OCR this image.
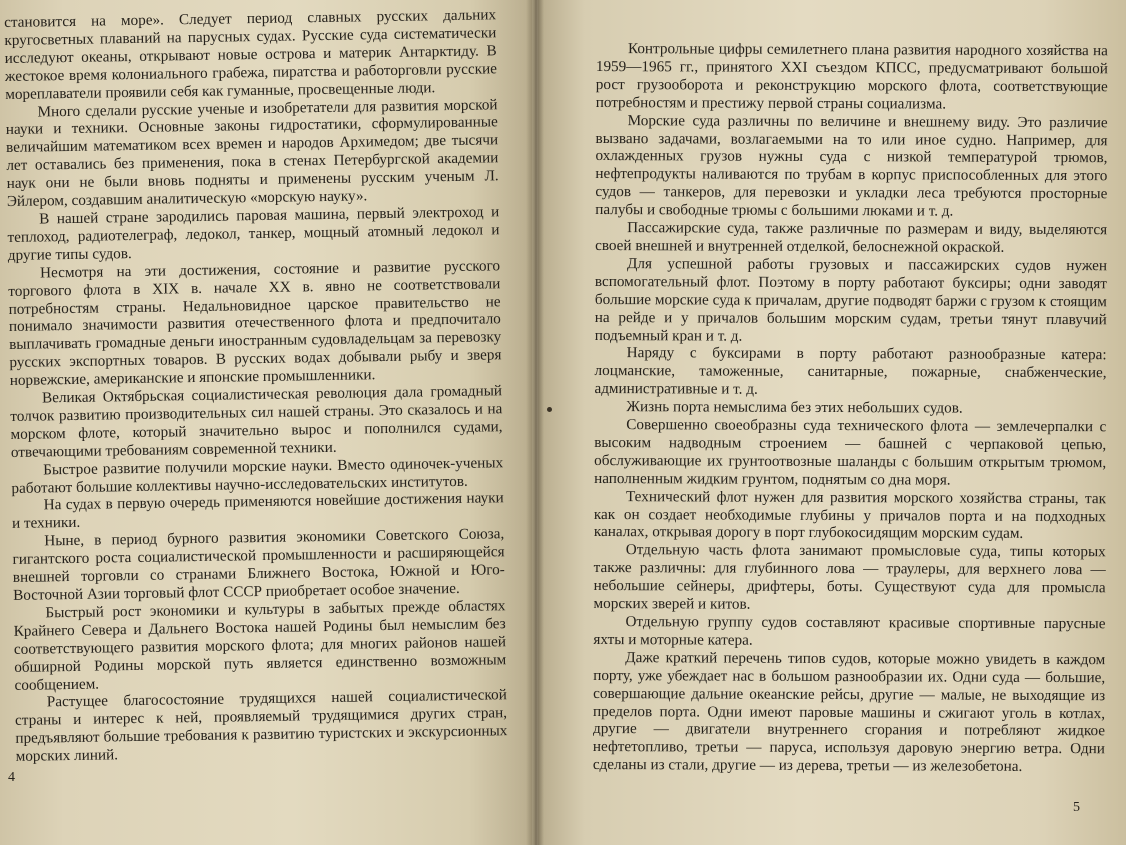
становится на море». Следует период славных русских дальних кругосветных плаваний на парусных судах. Русские суда систематически исследуют океаны, открывают новые острова и материк Антарктиду. В жестокое время колониального грабежа, пиратства и работорговли русские мореплаватели проявили себя как гуманные, просвещенные люди.

Много сделали русские ученые и изобретатели для развития морской науки и техники. Основные законы гидростатики, сформулированные величайшим математиком всех времен и народов Архимедом; две тысячи лет оставались без применения, пока в стенах Петербургской академии наук они не были вновь подняты и применены русским ученым Л. Эйлером, создавшим аналитическую «морскую науку».

В нашей стране зародились паровая машина, первый электроход и теплоход, радиотелеграф, ледокол, танкер, мощный атомный ледокол и другие типы судов.

Несмотря на эти достижения, состояние и развитие русского торгового флота в XIX в. начале XX в. явно не соответствовали потребностям страны. Недальновидное царское правительство не понимало значимости развития отечественного флота и предпочитало выплачивать громадные деньги иностранным судовладельцам за перевозку русских экспортных товаров. В русских водах добывали рыбу и зверя норвежские, американские и японские промышленники.

Великая Октябрьская социалистическая революция дала громадный толчок развитию производительных сил нашей страны. Это сказалось и на морском флоте, который значительно вырос и пополнился судами, отвечающими требованиям современной техники.

Быстрое развитие получили морские науки. Вместо одиночек-ученых работают большие коллективы научно-исследовательских институтов.

На судах в первую очередь применяются новейшие достижения науки и техники.

Ныне, в период бурного развития экономики Советского Союза, гигантского роста социалистической промышленности и расширяющейся внешней торговли со странами Ближнего Востока, Южной и Юго-Восточной Азии торговый флот СССР приобретает особое значение.

Быстрый рост экономики и культуры в забытых прежде областях Крайнего Севера и Дальнего Востока нашей Родины был немыслим без соответствующего развития морского флота; для многих районов нашей обширной Родины морской путь является единственно возможным сообщением.

Растущее благосостояние трудящихся нашей социалистической страны и интерес к ней, проявляемый трудящимися других стран, предъявляют большие требования к развитию туристских и экскурсионных морских линий.

4

Контрольные цифры семилетнего плана развития народного хозяйства на 1959—1965 гг., принятого XXI съездом КПСС, предусматривают большой рост грузооборота и реконструкцию морского флота, соответствующие потребностям и престижу первой страны социализма.

Морские суда различны по величине и внешнему виду. Это различие вызвано задачами, возлагаемыми на то или иное судно. Например, для охлажденных грузов нужны суда с низкой температурой трюмов, нефтепродукты наливаются по трубам в корпус приспособленных для этого судов — танкеров, для перевозки и укладки леса требуются просторные палубы и свободные трюмы с большими люками и т. д.

Пассажирские суда, также различные по размерам и виду, выделяются своей внешней и внутренней отделкой, белоснежной окраской.

Для успешной работы грузовых и пассажирских судов нужен вспомогательный флот. Поэтому в порту работают буксиры; одни заводят большие морские суда к причалам, другие подводят баржи с грузом к стоящим на рейде и у причалов большим морским судам, третьи тянут плавучий подъемный кран и т. д.

Наряду с буксирами в порту работают разнообразные катера: лоцманские, таможенные, санитарные, пожарные, снабженческие, административные и т. д.

Жизнь порта немыслима без этих небольших судов.

Совершенно своеобразны суда технического флота — землечерпалки с высоким надводным строением — башней с черпаковой цепью, обслуживающие их грунтоотвозные шаланды с большим открытым трюмом, наполненным жидким грунтом, поднятым со дна моря.

Технический флот нужен для развития морского хозяйства страны, так как он создает необходимые глубины у причалов порта и на подходных каналах, открывая дорогу в порт глубокосидящим морским судам.

Отдельную часть флота занимают промысловые суда, типы которых также различны: для глубинного лова — траулеры, для верхнего лова — небольшие сейнеры, дрифтеры, боты. Существуют суда для промысла морских зверей и китов.

Отдельную группу судов составляют красивые спортивные парусные яхты и моторные катера.

Даже краткий перечень типов судов, которые можно увидеть в каждом порту, уже убеждает нас в большом разнообразии их. Одни суда — большие, совершающие дальние океанские рейсы, другие — малые, не выходящие из пределов порта. Одни имеют паровые машины и сжигают уголь в котлах, другие — двигатели внутреннего сгорания и потребляют жидкое нефтетопливо, третьи — паруса, используя даровую энергию ветра. Одни сделаны из стали, другие — из дерева, третьи — из железобетона.

5
